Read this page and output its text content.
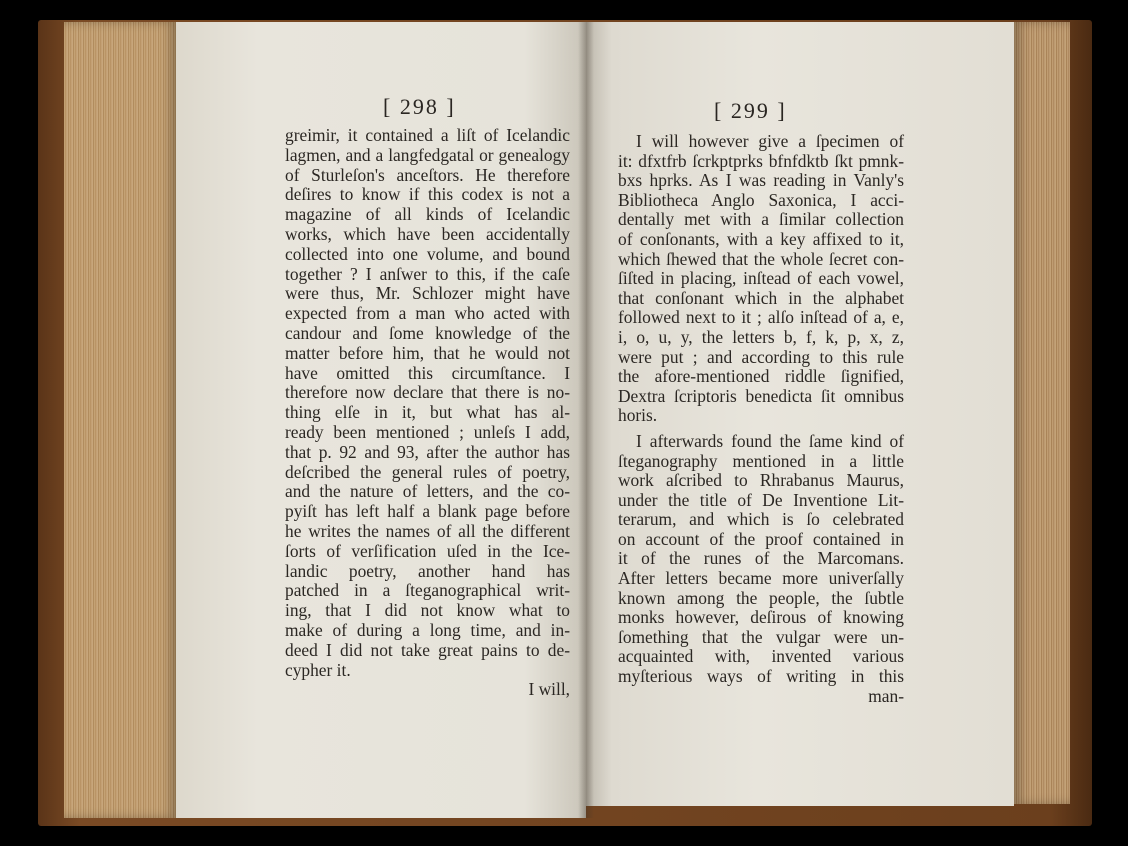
[ 298 ]	[ 299 ]
greimir, it contained a liſt of Icelandic
lagmen, and a langfedgatal or genealogy
of Sturleſon's anceſtors. He therefore
deſires to know if this codex is not a
magazine of all kinds of Icelandic
works, which have been accidentally
collected into one volume, and bound
together ? I anſwer to this, if the caſe
were thus, Mr. Schlozer might have
expected from a man who acted with
candour and ſome knowledge of the
matter before him, that he would not
have omitted this circumſtance. I
therefore now declare that there is no-
thing elſe in it, but what has al-
ready been mentioned ; unleſs I add,
that p. 92 and 93, after the author has
deſcribed the general rules of poetry,
and the nature of letters, and the co-
pyiſt has left half a blank page before
he writes the names of all the different
ſorts of verſification uſed in the Ice-
landic poetry, another hand has
patched in a ſteganographical writ-
ing, that I did not know what to
make of during a long time, and in-
deed I did not take great pains to de-
cypher it.
I will,
I will however give a ſpecimen of
it: dfxtfrb ſcrkptprks bfnfdktb ſkt pmnk-
bxs hprks. As I was reading in Vanly's
Bibliotheca Anglo Saxonica, I acci-
dentally met with a ſimilar collection
of conſonants, with a key affixed to it,
which ſhewed that the whole ſecret con-
ſiſted in placing, inſtead of each vowel,
that conſonant which in the alphabet
followed next to it ; alſo inſtead of a, e,
i, o, u, y, the letters b, f, k, p, x, z,
were put ; and according to this rule
the afore-mentioned riddle ſignified,
Dextra ſcriptoris benedicta ſit omnibus
horis.
I afterwards found the ſame kind of
ſteganography mentioned in a little
work aſcribed to Rhrabanus Maurus,
under the title of De Inventione Lit-
terarum, and which is ſo celebrated
on account of the proof contained in
it of the runes of the Marcomans.
After letters became more univerſally
known among the people, the ſubtle
monks however, deſirous of knowing
ſomething that the vulgar were un-
acquainted with, invented various
myſterious ways of writing in this
man-
